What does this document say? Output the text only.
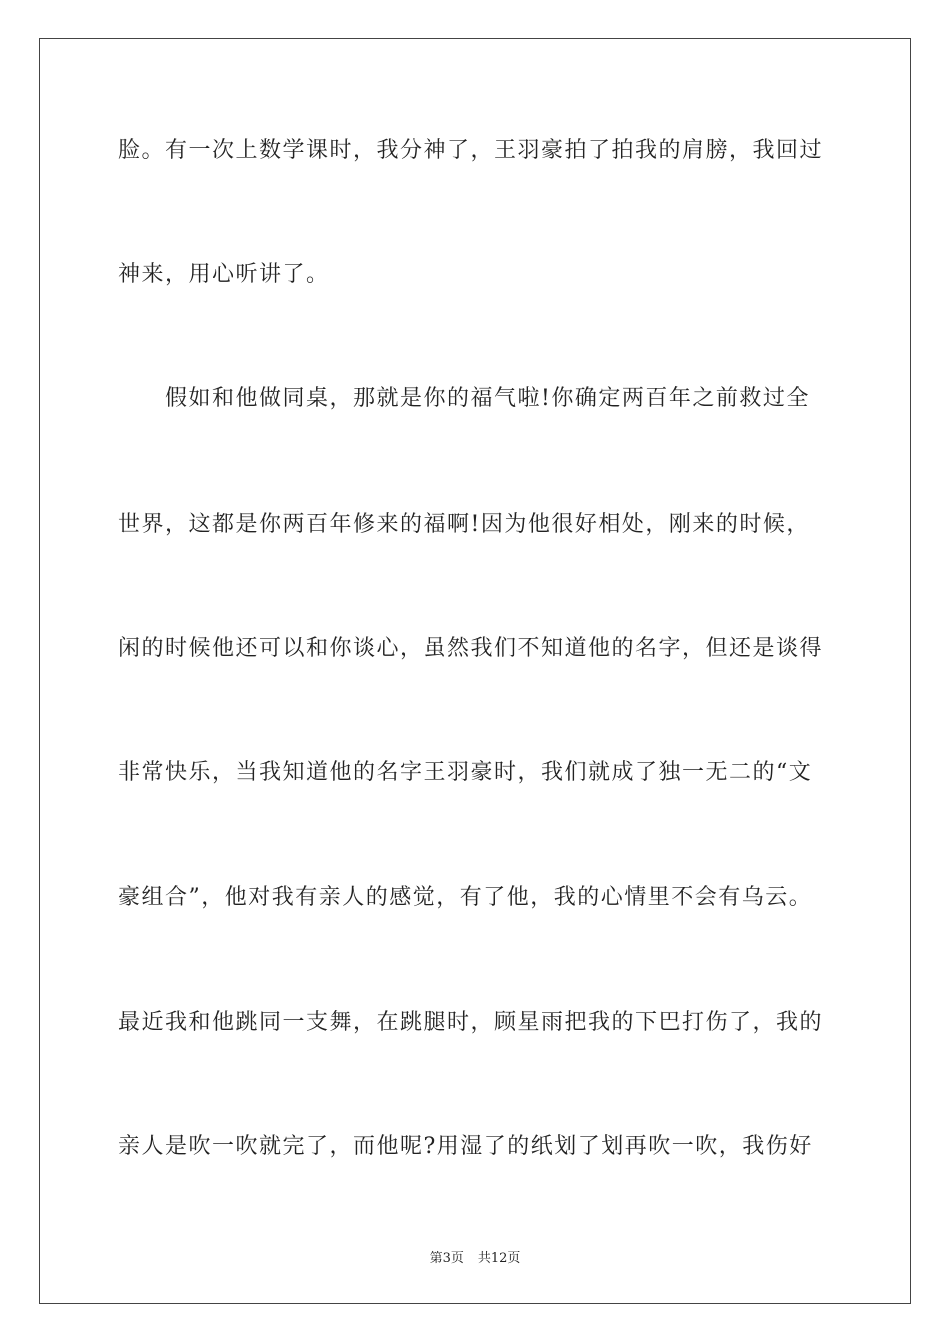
脸。有一次上数学课时，我分神了，王羽豪拍了拍我的肩膀，我回过
神来，用心听讲了。
假如和他做同桌，那就是你的福气啦!你确定两百年之前救过全
世界，这都是你两百年修来的福啊!因为他很好相处，刚来的时候，
闲的时候他还可以和你谈心，虽然我们不知道他的名字，但还是谈得
非常快乐，当我知道他的名字王羽豪时，我们就成了独一无二的“文
豪组合”，他对我有亲人的感觉，有了他，我的心情里不会有乌云。
最近我和他跳同一支舞，在跳腿时，顾星雨把我的下巴打伤了，我的
亲人是吹一吹就完了，而他呢?用湿了的纸划了划再吹一吹，我伤好
第3页 共12页
